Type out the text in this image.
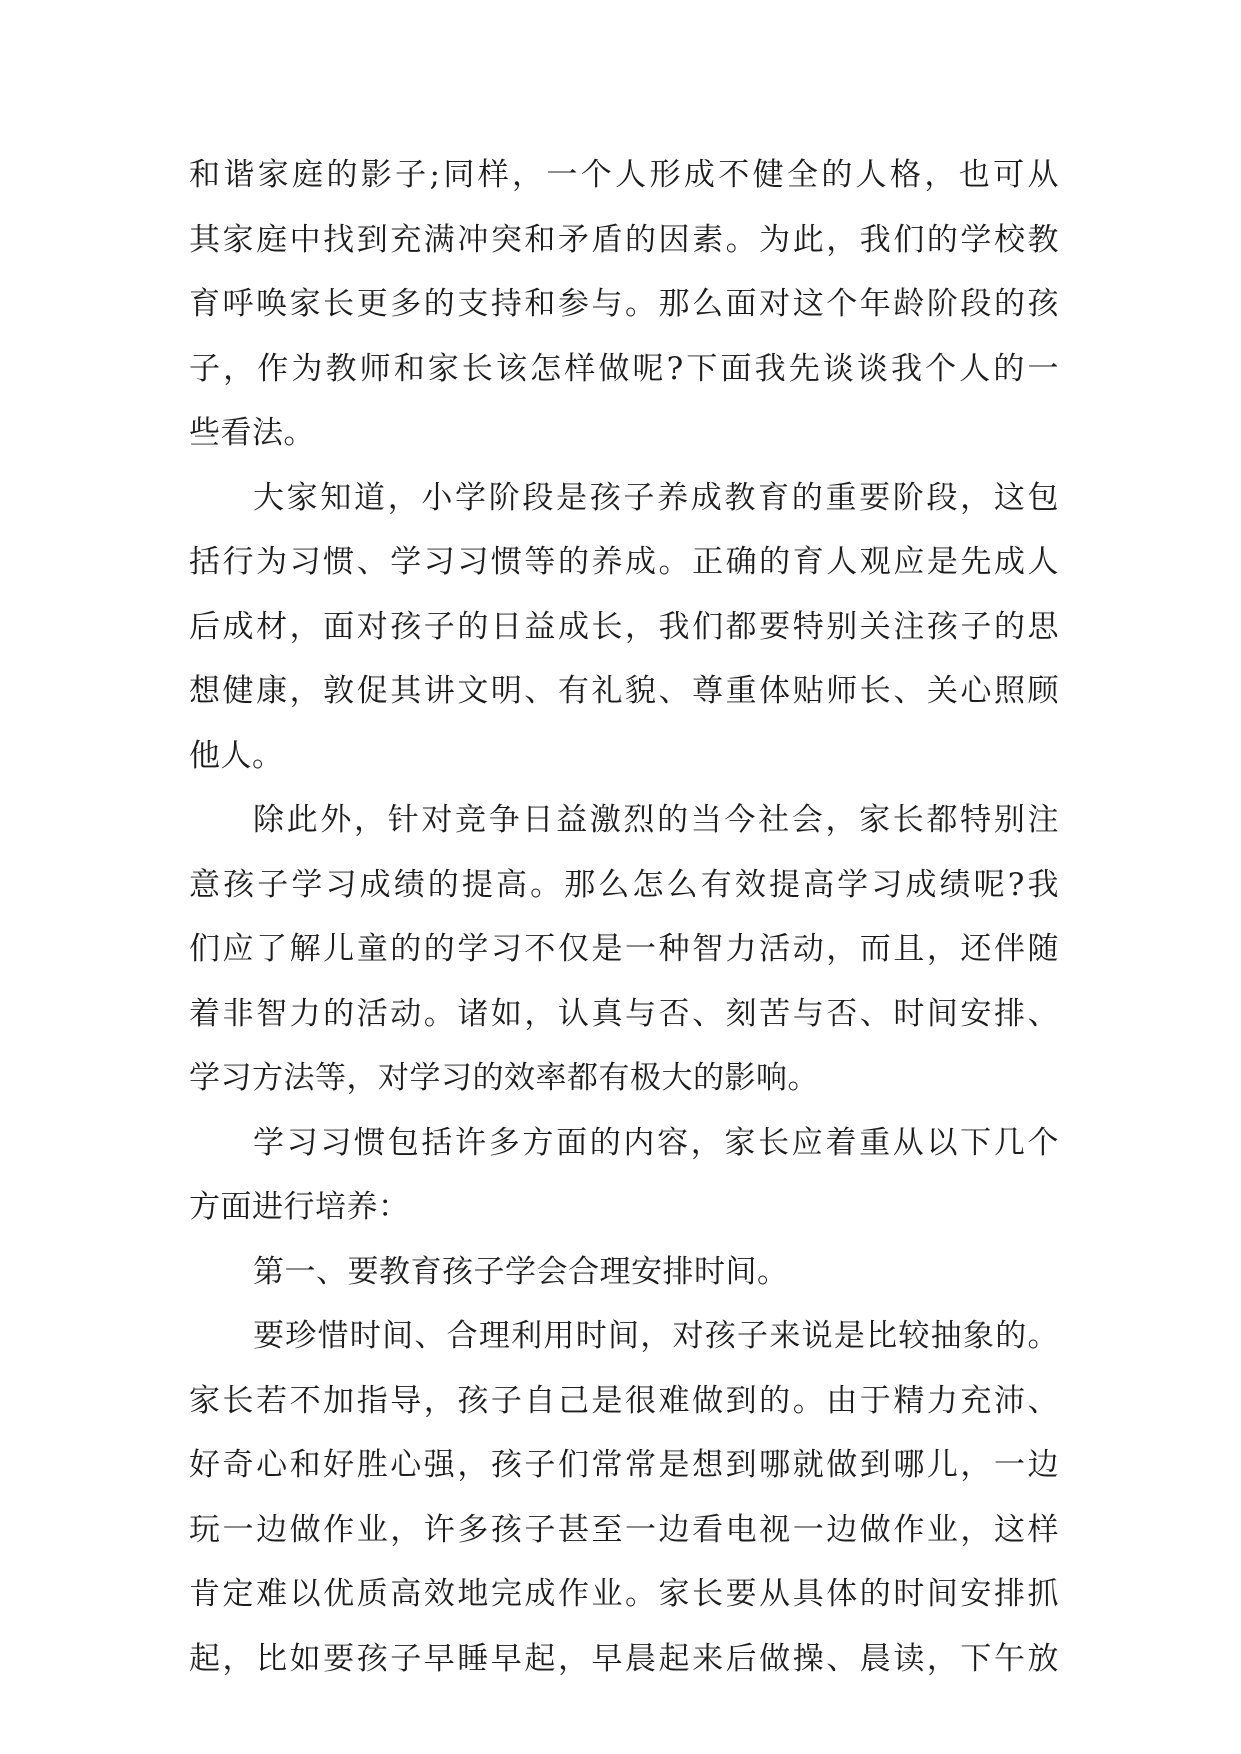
和谐家庭的影子;同样，一个人形成不健全的人格，也可从
其家庭中找到充满冲突和矛盾的因素。为此，我们的学校教
育呼唤家长更多的支持和参与。那么面对这个年龄阶段的孩
子，作为教师和家长该怎样做呢?下面我先谈谈我个人的一
些看法。
大家知道，小学阶段是孩子养成教育的重要阶段，这包
括行为习惯、学习习惯等的养成。正确的育人观应是先成人
后成材，面对孩子的日益成长，我们都要特别关注孩子的思
想健康，敦促其讲文明、有礼貌、尊重体贴师长、关心照顾
他人。
除此外，针对竞争日益激烈的当今社会，家长都特别注
意孩子学习成绩的提高。那么怎么有效提高学习成绩呢?我
们应了解儿童的的学习不仅是一种智力活动，而且，还伴随
着非智力的活动。诸如，认真与否、刻苦与否、时间安排、
学习方法等，对学习的效率都有极大的影响。
学习习惯包括许多方面的内容，家长应着重从以下几个
方面进行培养：
第一、要教育孩子学会合理安排时间。
要珍惜时间、合理利用时间，对孩子来说是比较抽象的。
家长若不加指导，孩子自己是很难做到的。由于精力充沛、
好奇心和好胜心强，孩子们常常是想到哪就做到哪儿，一边
玩一边做作业，许多孩子甚至一边看电视一边做作业，这样
肯定难以优质高效地完成作业。家长要从具体的时间安排抓
起，比如要孩子早睡早起，早晨起来后做操、晨读，下午放
